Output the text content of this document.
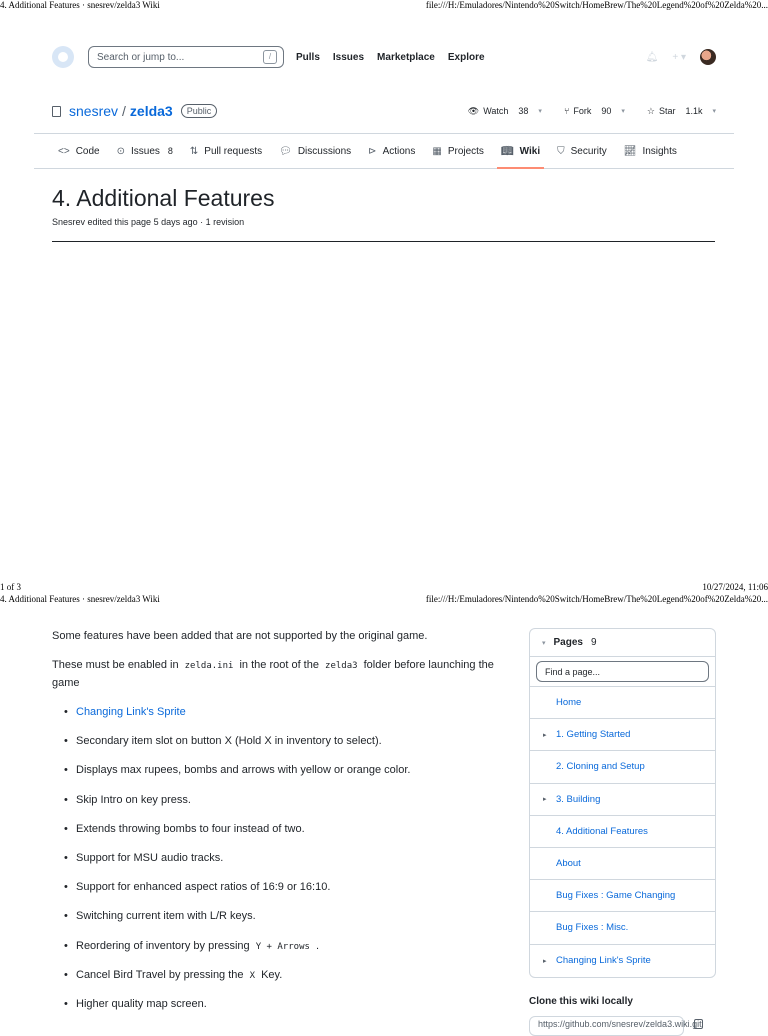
4. Additional Features · snesrev/zelda3 Wiki	file:///H:/Emuladores/Nintendo%20Switch/HomeBrew/The%20Legend%20of%20Zelda%20...
Search or jump to...	/	Pulls Issues Marketplace Explore	🔔︎ + ▾
snesrev / zelda3	Public	👁︎ Watch 38 ▾ ⑂ Fork 90 ▾ ☆ Star 1.1k ▾
<> Code ⊙ Issues 8 ⇅ Pull requests 💬︎ Discussions ⊳ Actions ▦ Projects 📖︎ Wiki ⛉ Security 📈︎ Insights
4. Additional Features
Snesrev edited this page 5 days ago · 1 revision
1 of 3	10/27/2024, 11:06
4. Additional Features · snesrev/zelda3 Wiki	file:///H:/Emuladores/Nintendo%20Switch/HomeBrew/The%20Legend%20of%20Zelda%20...

Some features have been added that are not supported by the original game.

These must be enabled in zelda.ini in the root of the zelda3 folder before launching the game

• Changing Link's Sprite
• Secondary item slot on button X (Hold X in inventory to select).
• Displays max rupees, bombs and arrows with yellow or orange color.
• Skip Intro on key press.
• Extends throwing bombs to four instead of two.
• Support for MSU audio tracks.
• Support for enhanced aspect ratios of 16:9 or 16:10.
• Switching current item with L/R keys.
• Reordering of inventory by pressing Y + Arrows .
• Cancel Bird Travel by pressing the X Key.
• Higher quality map screen.
▾ Pages 9
Find a page...
Home
▸ 1. Getting Started
2. Cloning and Setup
▸ 3. Building
4. Additional Features
About
Bug Fixes : Game Changing
Bug Fixes : Misc.
▸ Changing Link's Sprite
Clone this wiki locally
https://github.com/snesrev/zelda3.wiki.git
